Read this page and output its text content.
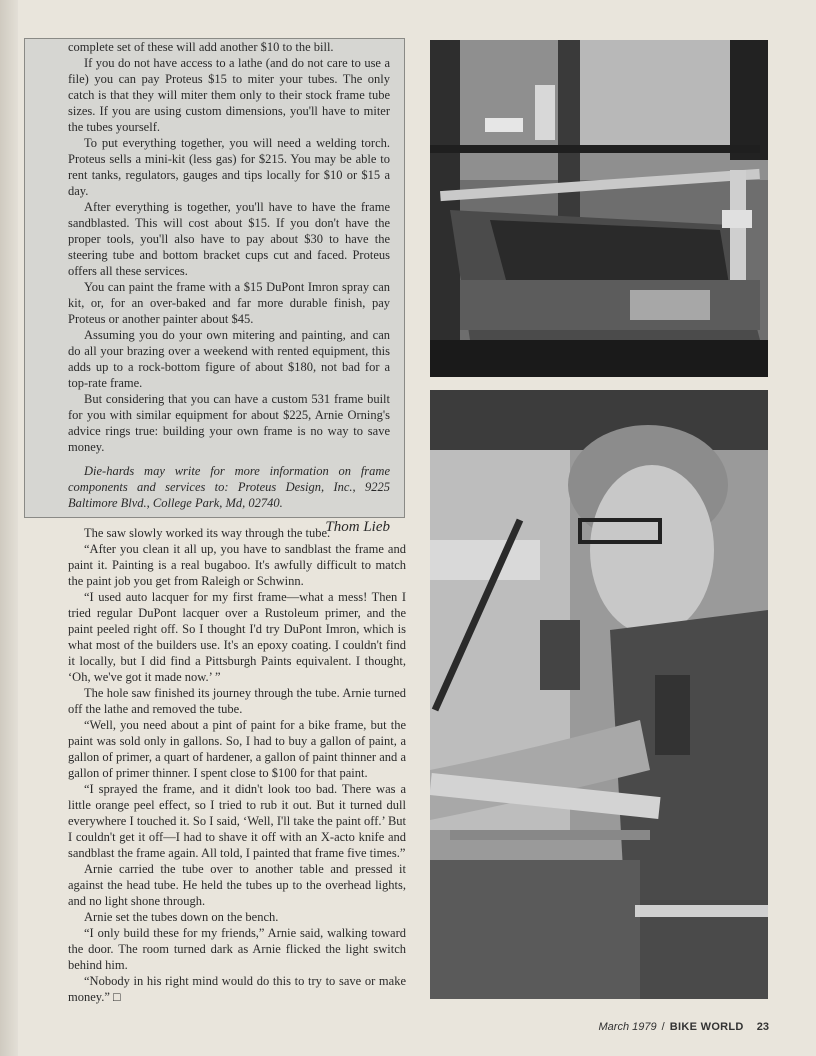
complete set of these will add another $10 to the bill.

If you do not have access to a lathe (and do not care to use a file) you can pay Proteus $15 to miter your tubes. The only catch is that they will miter them only to their stock frame tube sizes. If you are using custom dimensions, you'll have to miter the tubes yourself.

To put everything together, you will need a welding torch. Proteus sells a mini-kit (less gas) for $215. You may be able to rent tanks, regulators, gauges and tips locally for $10 or $15 a day.

After everything is together, you'll have to have the frame sandblasted. This will cost about $15. If you don't have the proper tools, you'll also have to pay about $30 to have the steering tube and bottom bracket cups cut and faced. Proteus offers all these services.

You can paint the frame with a $15 DuPont Imron spray can kit, or, for an over-baked and far more durable finish, pay Proteus or another painter about $45.

Assuming you do your own mitering and painting, and can do all your brazing over a weekend with rented equipment, this adds up to a rock-bottom figure of about $180, not bad for a top-rate frame.

But considering that you can have a custom 531 frame built for you with similar equipment for about $225, Arnie Orning's advice rings true: building your own frame is no way to save money.

Die-hards may write for more information on frame components and services to: Proteus Design, Inc., 9225 Baltimore Blvd., College Park, Md, 02740.

Thom Lieb

The saw slowly worked its way through the tube.

“After you clean it all up, you have to sandblast the frame and paint it. Painting is a real bugaboo. It's awfully difficult to match the paint job you get from Raleigh or Schwinn.

“I used auto lacquer for my first frame—what a mess! Then I tried regular DuPont lacquer over a Rustoleum primer, and the paint peeled right off. So I thought I'd try DuPont Imron, which is what most of the builders use. It's an epoxy coating. I couldn't find it locally, but I did find a Pittsburgh Paints equivalent. I thought, ‘Oh, we've got it made now.’ ”

The hole saw finished its journey through the tube. Arnie turned off the lathe and removed the tube.

“Well, you need about a pint of paint for a bike frame, but the paint was sold only in gallons. So, I had to buy a gallon of paint, a gallon of primer, a quart of hardener, a gallon of paint thinner and a gallon of primer thinner. I spent close to $100 for that paint.

“I sprayed the frame, and it didn't look too bad. There was a little orange peel effect, so I tried to rub it out. But it turned dull everywhere I touched it. So I said, ‘Well, I'll take the paint off.’ But I couldn't get it off—I had to shave it off with an X-acto knife and sandblast the frame again. All told, I painted that frame five times.”

Arnie carried the tube over to another table and pressed it against the head tube. He held the tubes up to the overhead lights, and no light shone through.

Arnie set the tubes down on the bench.

“I only build these for my friends,” Arnie said, walking toward the door. The room turned dark as Arnie flicked the light switch behind him.

“Nobody in his right mind would do this to try to save or make money.” □

March 1979 / BIKE WORLD 23
